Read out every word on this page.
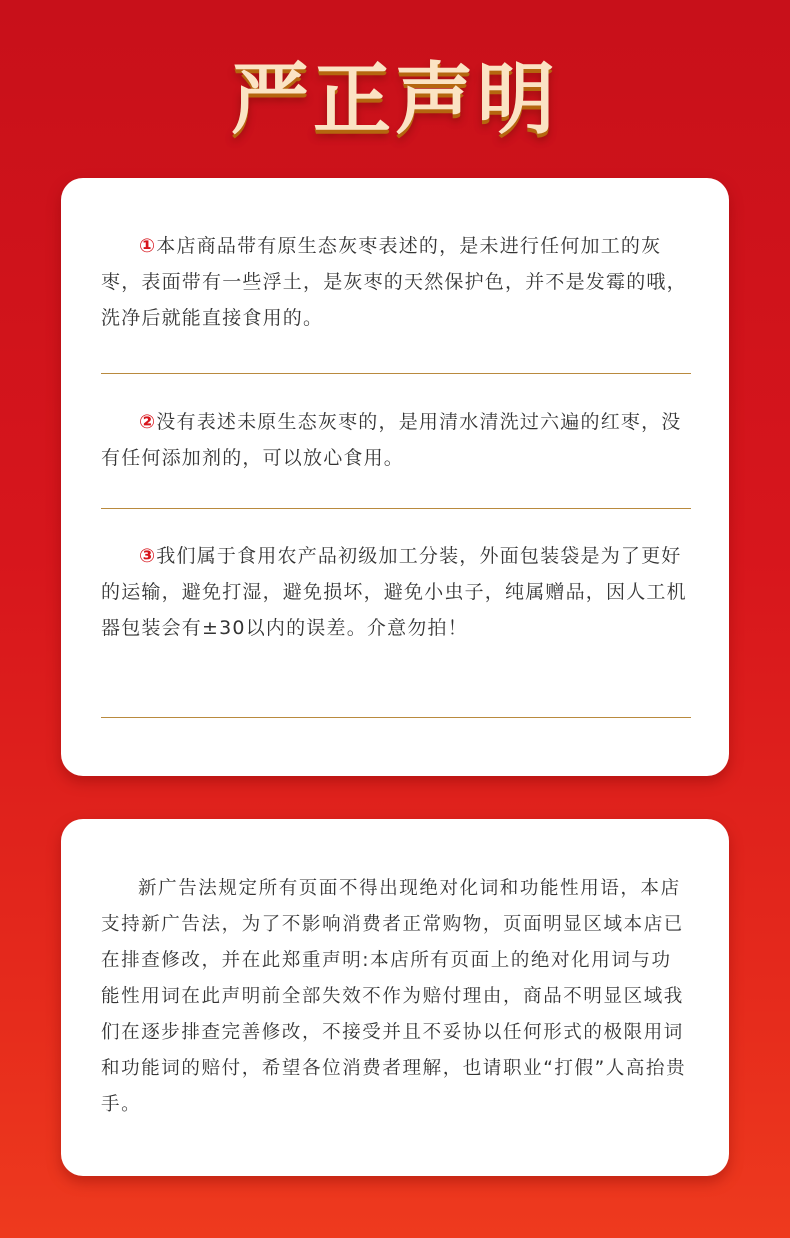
严正声明

①本店商品带有原生态灰枣表述的，是未进行任何加工的灰枣，表面带有一些浮土，是灰枣的天然保护色，并不是发霉的哦，洗净后就能直接食用的。

②没有表述未原生态灰枣的，是用清水清洗过六遍的红枣，没有任何添加剂的，可以放心食用。

③我们属于食用农产品初级加工分装，外面包装袋是为了更好的运输，避免打湿，避免损坏，避免小虫子，纯属赠品，因人工机器包装会有±30以内的误差。介意勿拍！

新广告法规定所有页面不得出现绝对化词和功能性用语，本店支持新广告法，为了不影响消费者正常购物，页面明显区域本店已在排查修改，并在此郑重声明:本店所有页面上的绝对化用词与功能性用词在此声明前全部失效不作为赔付理由，商品不明显区域我们在逐步排查完善修改，不接受并且不妥协以任何形式的极限用词和功能词的赔付，希望各位消费者理解，也请职业“打假”人高抬贵手。
